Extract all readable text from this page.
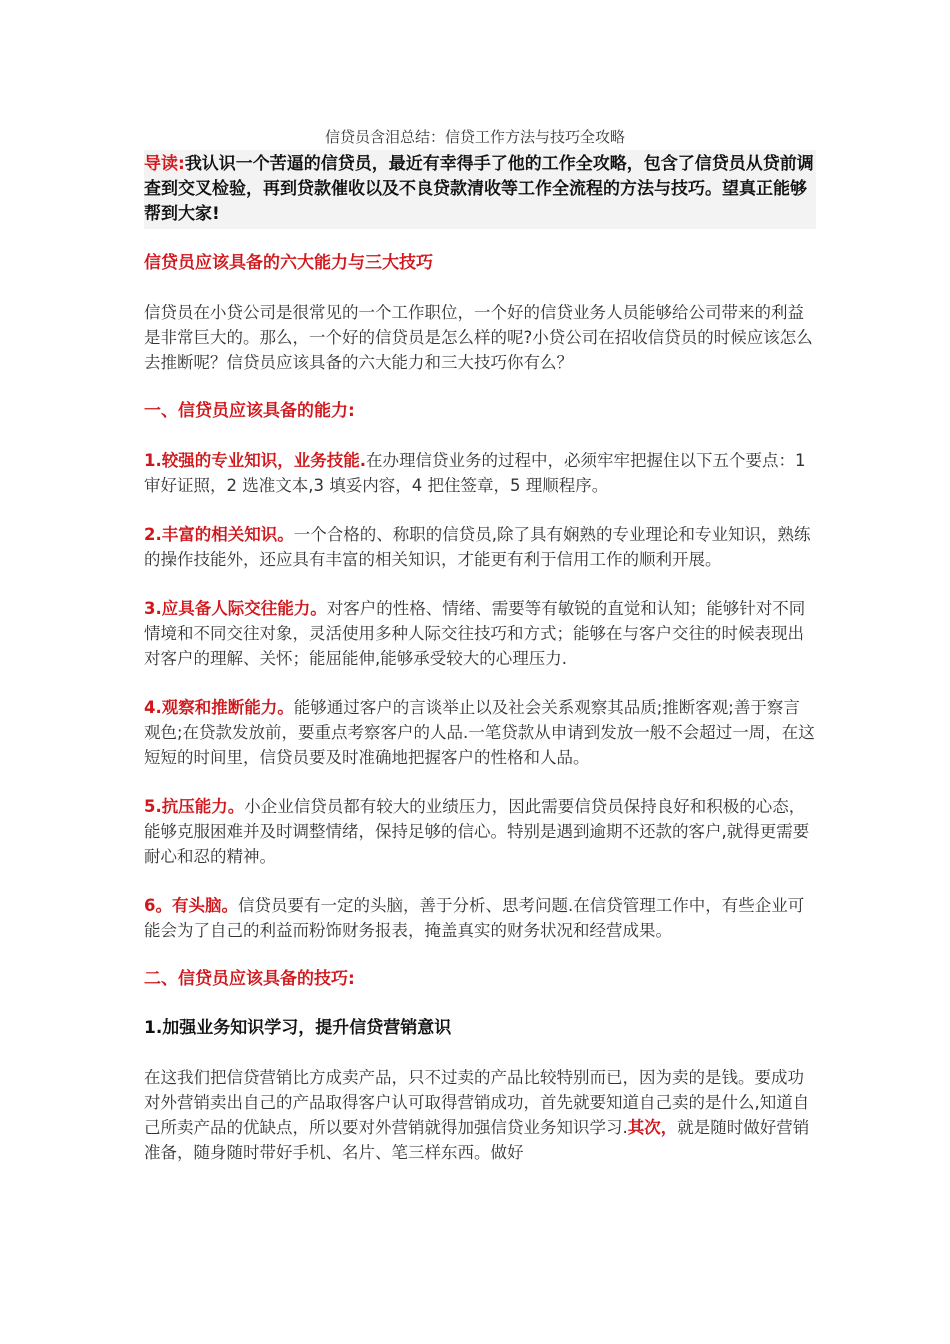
信贷员含泪总结：信贷工作方法与技巧全攻略
导读:我认识一个苦逼的信贷员，最近有幸得手了他的工作全攻略，包含了信贷员从贷前调查到交叉检验，再到贷款催收以及不良贷款清收等工作全流程的方法与技巧。望真正能够帮到大家!
信贷员应该具备的六大能力与三大技巧
信贷员在小贷公司是很常见的一个工作职位，一个好的信贷业务人员能够给公司带来的利益是非常巨大的。那么，一个好的信贷员是怎么样的呢?小贷公司在招收信贷员的时候应该怎么去推断呢？信贷员应该具备的六大能力和三大技巧你有么？
一、信贷员应该具备的能力:
1.较强的专业知识，业务技能.在办理信贷业务的过程中，必须牢牢把握住以下五个要点：1 审好证照，2 选准文本,3 填妥内容，4 把住签章，5 理顺程序。
2.丰富的相关知识。一个合格的、称职的信贷员,除了具有娴熟的专业理论和专业知识，熟练的操作技能外，还应具有丰富的相关知识，才能更有利于信用工作的顺利开展。
3.应具备人际交往能力。对客户的性格、情绪、需要等有敏锐的直觉和认知；能够针对不同情境和不同交往对象，灵活使用多种人际交往技巧和方式；能够在与客户交往的时候表现出对客户的理解、关怀；能屈能伸,能够承受较大的心理压力.
4.观察和推断能力。能够通过客户的言谈举止以及社会关系观察其品质;推断客观;善于察言观色;在贷款发放前，要重点考察客户的人品.一笔贷款从申请到发放一般不会超过一周，在这短短的时间里，信贷员要及时准确地把握客户的性格和人品。
5.抗压能力。小企业信贷员都有较大的业绩压力，因此需要信贷员保持良好和积极的心态，能够克服困难并及时调整情绪，保持足够的信心。特别是遇到逾期不还款的客户,就得更需要耐心和忍的精神。
6。有头脑。信贷员要有一定的头脑，善于分析、思考问题.在信贷管理工作中，有些企业可能会为了自己的利益而粉饰财务报表，掩盖真实的财务状况和经营成果。
二、信贷员应该具备的技巧:
1.加强业务知识学习，提升信贷营销意识
在这我们把信贷营销比方成卖产品，只不过卖的产品比较特别而已，因为卖的是钱。要成功对外营销卖出自己的产品取得客户认可取得营销成功，首先就要知道自己卖的是什么,知道自己所卖产品的优缺点，所以要对外营销就得加强信贷业务知识学习.其次，就是随时做好营销准备，随身随时带好手机、名片、笔三样东西。做好
